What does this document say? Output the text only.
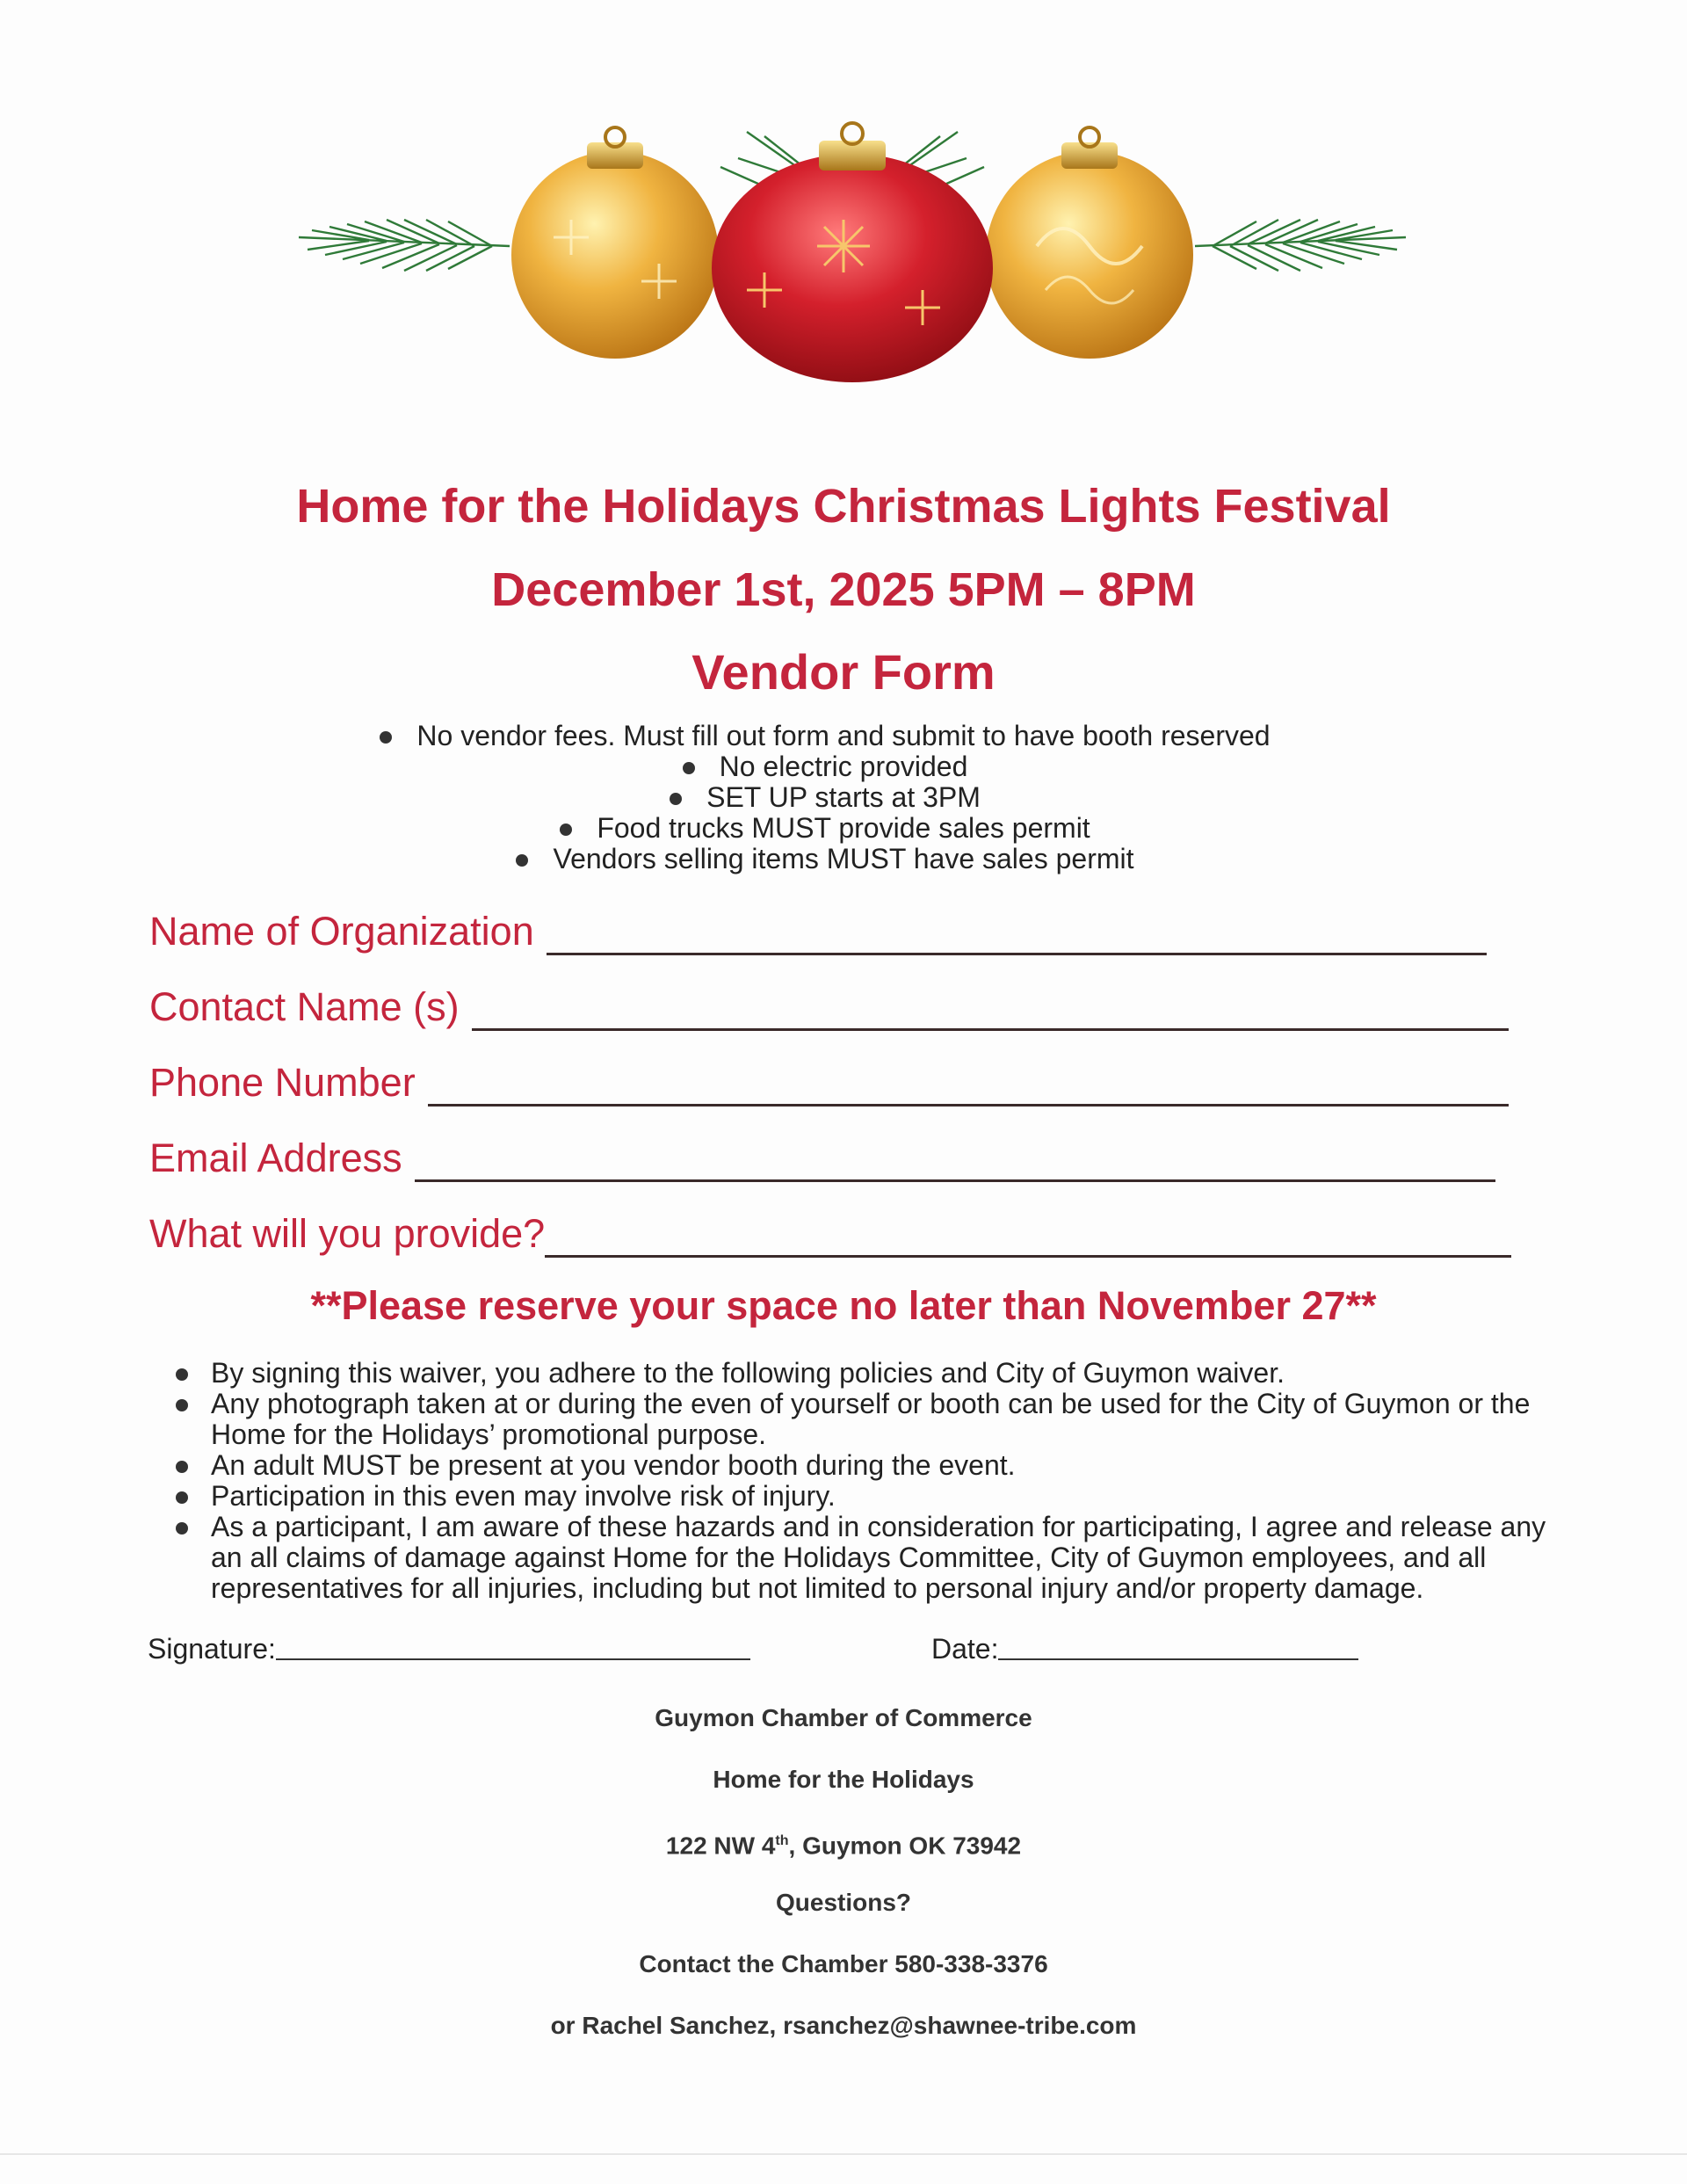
Home for the Holidays Christmas Lights Festival
December 1st, 2025 5PM – 8PM
Vendor Form
No vendor fees. Must fill out form and submit to have booth reserved
No electric provided
SET UP starts at 3PM
Food trucks MUST provide sales permit
Vendors selling items MUST have sales permit
Name of Organization
Contact Name (s)
Phone Number
Email Address
What will you provide?
**Please reserve your space no later than November 27**
By signing this waiver, you adhere to the following policies and City of Guymon waiver.
Any photograph taken at or during the even of yourself or booth can be used for the City of Guymon or the Home for the Holidays’ promotional purpose.
An adult MUST be present at you vendor booth during the event.
Participation in this even may involve risk of injury.
As a participant, I am aware of these hazards and in consideration for participating, I agree and release any an all claims of damage against Home for the Holidays Committee, City of Guymon employees, and all representatives for all injuries, including but not limited to personal injury and/or property damage.
Signature:	Date:
Guymon Chamber of Commerce
Home for the Holidays
122 NW 4th, Guymon OK 73942
Questions?
Contact the Chamber 580-338-3376
or Rachel Sanchez, rsanchez@shawnee-tribe.com
